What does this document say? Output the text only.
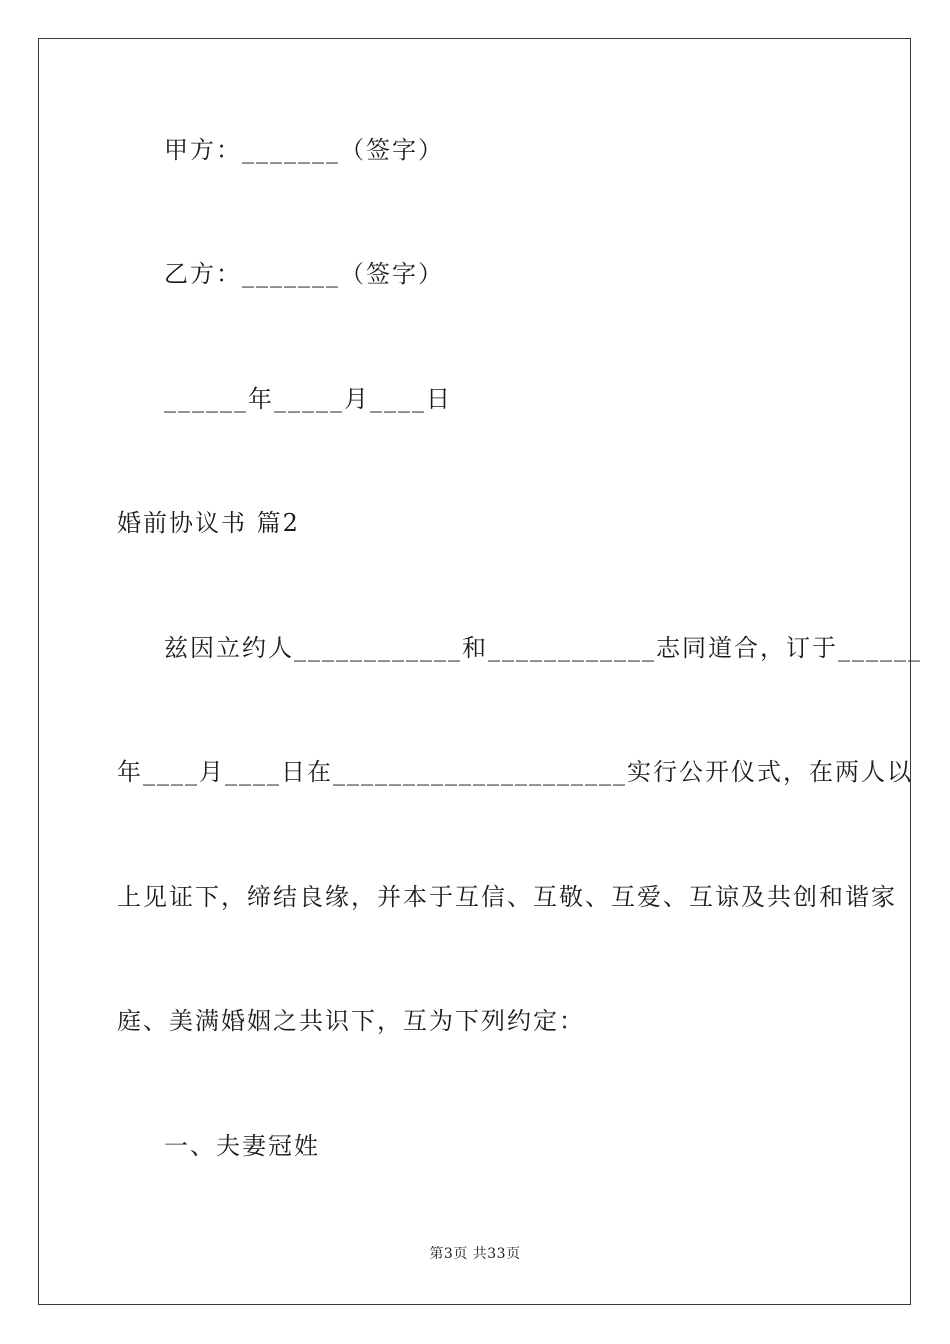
甲方：_______（签字）
乙方：_______（签字）
______年_____月____日
婚前协议书 篇2
兹因立约人____________和____________志同道合，订于______
年____月____日在_____________________实行公开仪式，在两人以
上见证下，缔结良缘，并本于互信、互敬、互爱、互谅及共创和谐家
庭、美满婚姻之共识下，互为下列约定：
一、夫妻冠姓
第3页 共33页
